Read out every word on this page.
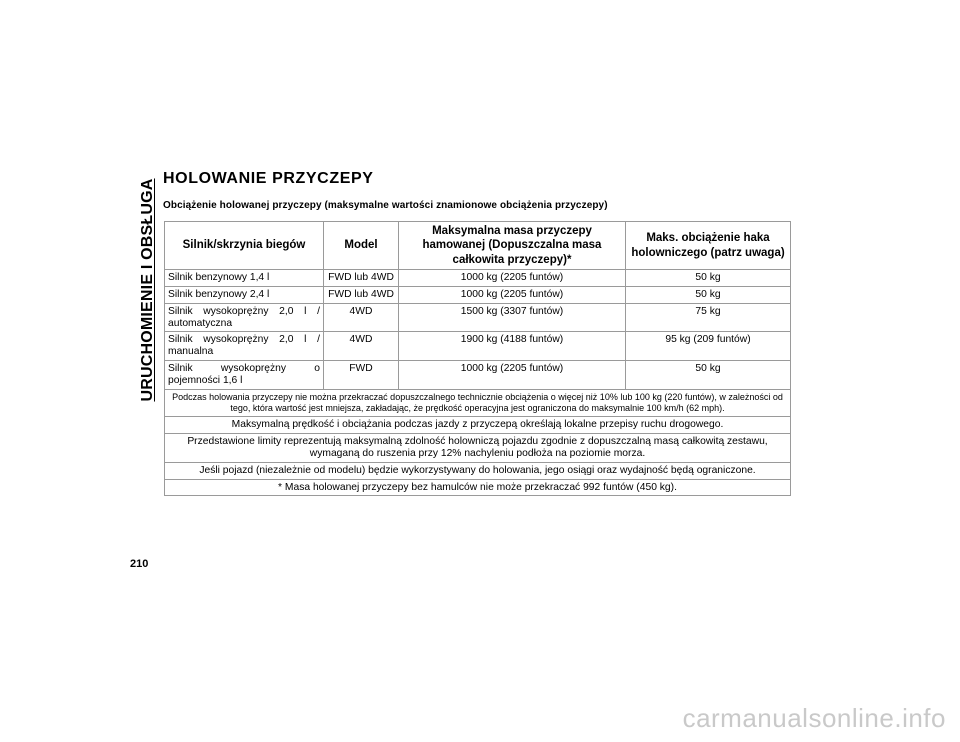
URUCHOMIENIE I OBSŁUGA HOLOWANIE PRZYCZEPY
Obciążenie holowanej przyczepy (maksymalne wartości znamionowe obciążenia przyczepy)
Silnik/skrzynia biegów	Model	Maksymalna masa przyczepy hamowanej (Dopuszczalna masa całkowita przyczepy)*	Maks. obciążenie haka holowniczego (patrz uwaga)
Silnik benzynowy 1,4 l	FWD lub 4WD	1000 kg (2205 funtów)	50 kg
Silnik benzynowy 2,4 l	FWD lub 4WD	1000 kg (2205 funtów)	50 kg
Silnik wysokoprężny 2,0 l / automatyczna	4WD	1500 kg (3307 funtów)	75 kg
Silnik wysokoprężny 2,0 l / manualna	4WD	1900 kg (4188 funtów)	95 kg (209 funtów)
Silnik wysokoprężny o pojemności 1,6 l	FWD	1000 kg (2205 funtów)	50 kg
Podczas holowania przyczepy nie można przekraczać dopuszczalnego technicznie obciążenia o więcej niż 10% lub 100 kg (220 funtów), w zależności od tego, która wartość jest mniejsza, zakładając, że prędkość operacyjna jest ograniczona do maksymalnie 100 km/h (62 mph).			
Maksymalną prędkość i obciążania podczas jazdy z przyczepą określają lokalne przepisy ruchu drogowego.			
Przedstawione limity reprezentują maksymalną zdolność holowniczą pojazdu zgodnie z dopuszczalną masą całkowitą zestawu, wymaganą do ruszenia przy 12% nachyleniu podłoża na poziomie morza.			
Jeśli pojazd (niezależnie od modelu) będzie wykorzystywany do holowania, jego osiągi oraz wydajność będą ograniczone.			
* Masa holowanej przyczepy bez hamulców nie może przekraczać 992 funtów (450 kg).			

210

carmanualsonline.info
